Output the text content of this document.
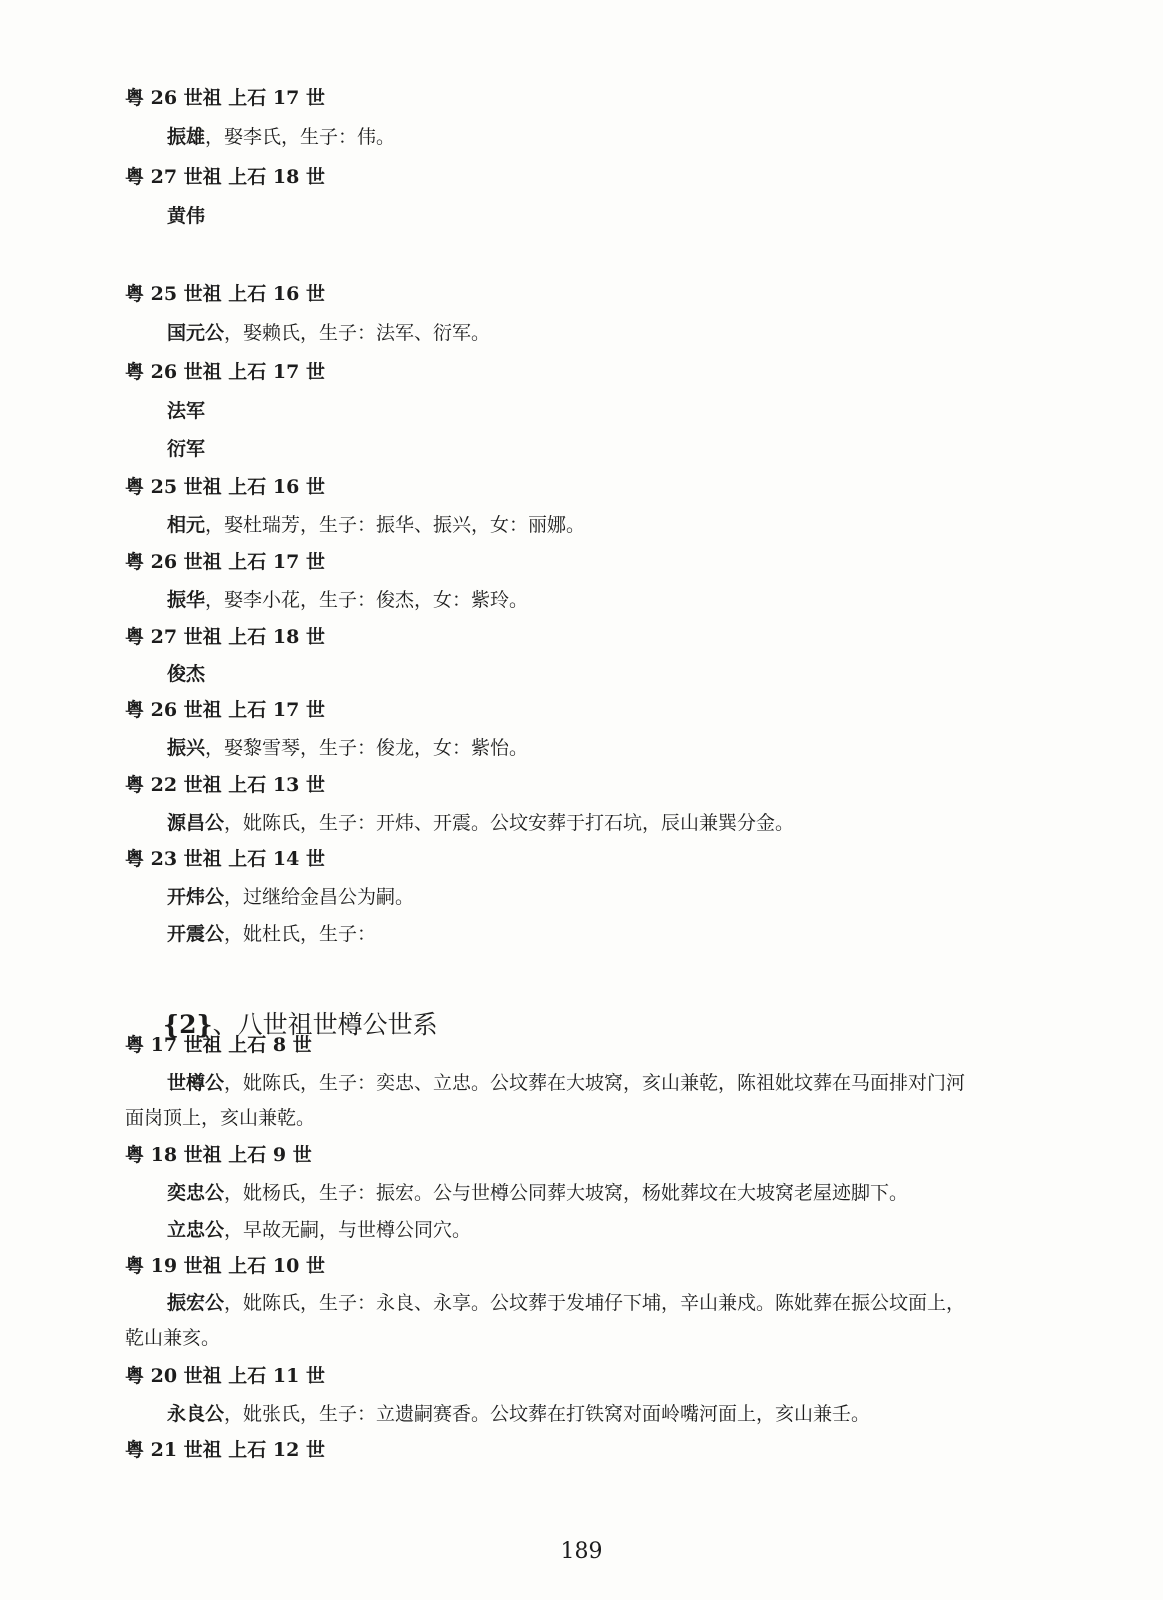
粤 26 世祖 上石 17 世
振雄，娶李氏，生子：伟。
粤 27 世祖 上石 18 世
黄伟
粤 25 世祖 上石 16 世
国元公，娶赖氏，生子：法军、衍军。
粤 26 世祖 上石 17 世
法军
衍军
粤 25 世祖 上石 16 世
相元，娶杜瑞芳，生子：振华、振兴，女：丽娜。
粤 26 世祖 上石 17 世
振华，娶李小花，生子：俊杰，女：紫玲。
粤 27 世祖 上石 18 世
俊杰
粤 26 世祖 上石 17 世
振兴，娶黎雪琴，生子：俊龙，女：紫怡。
粤 22 世祖 上石 13 世
源昌公，妣陈氏，生子：开炜、开震。公坟安葬于打石坑，辰山兼巽分金。
粤 23 世祖 上石 14 世
开炜公，过继给金昌公为嗣。
开震公，妣杜氏，生子：
{2}、八世祖世樽公世系
粤 17 世祖 上石 8 世
世樽公，妣陈氏，生子：奕忠、立忠。公坟葬在大坡窝，亥山兼乾，陈祖妣坟葬在马面排对门河
面岗顶上，亥山兼乾。
粤 18 世祖 上石 9 世
奕忠公，妣杨氏，生子：振宏。公与世樽公同葬大坡窝，杨妣葬坟在大坡窝老屋迹脚下。
立忠公，早故无嗣，与世樽公同穴。
粤 19 世祖 上石 10 世
振宏公，妣陈氏，生子：永良、永享。公坟葬于发埔仔下埔，辛山兼戍。陈妣葬在振公坟面上，
乾山兼亥。
粤 20 世祖 上石 11 世
永良公，妣张氏，生子：立遗嗣赛香。公坟葬在打铁窝对面岭嘴河面上，亥山兼壬。
粤 21 世祖 上石 12 世
189
